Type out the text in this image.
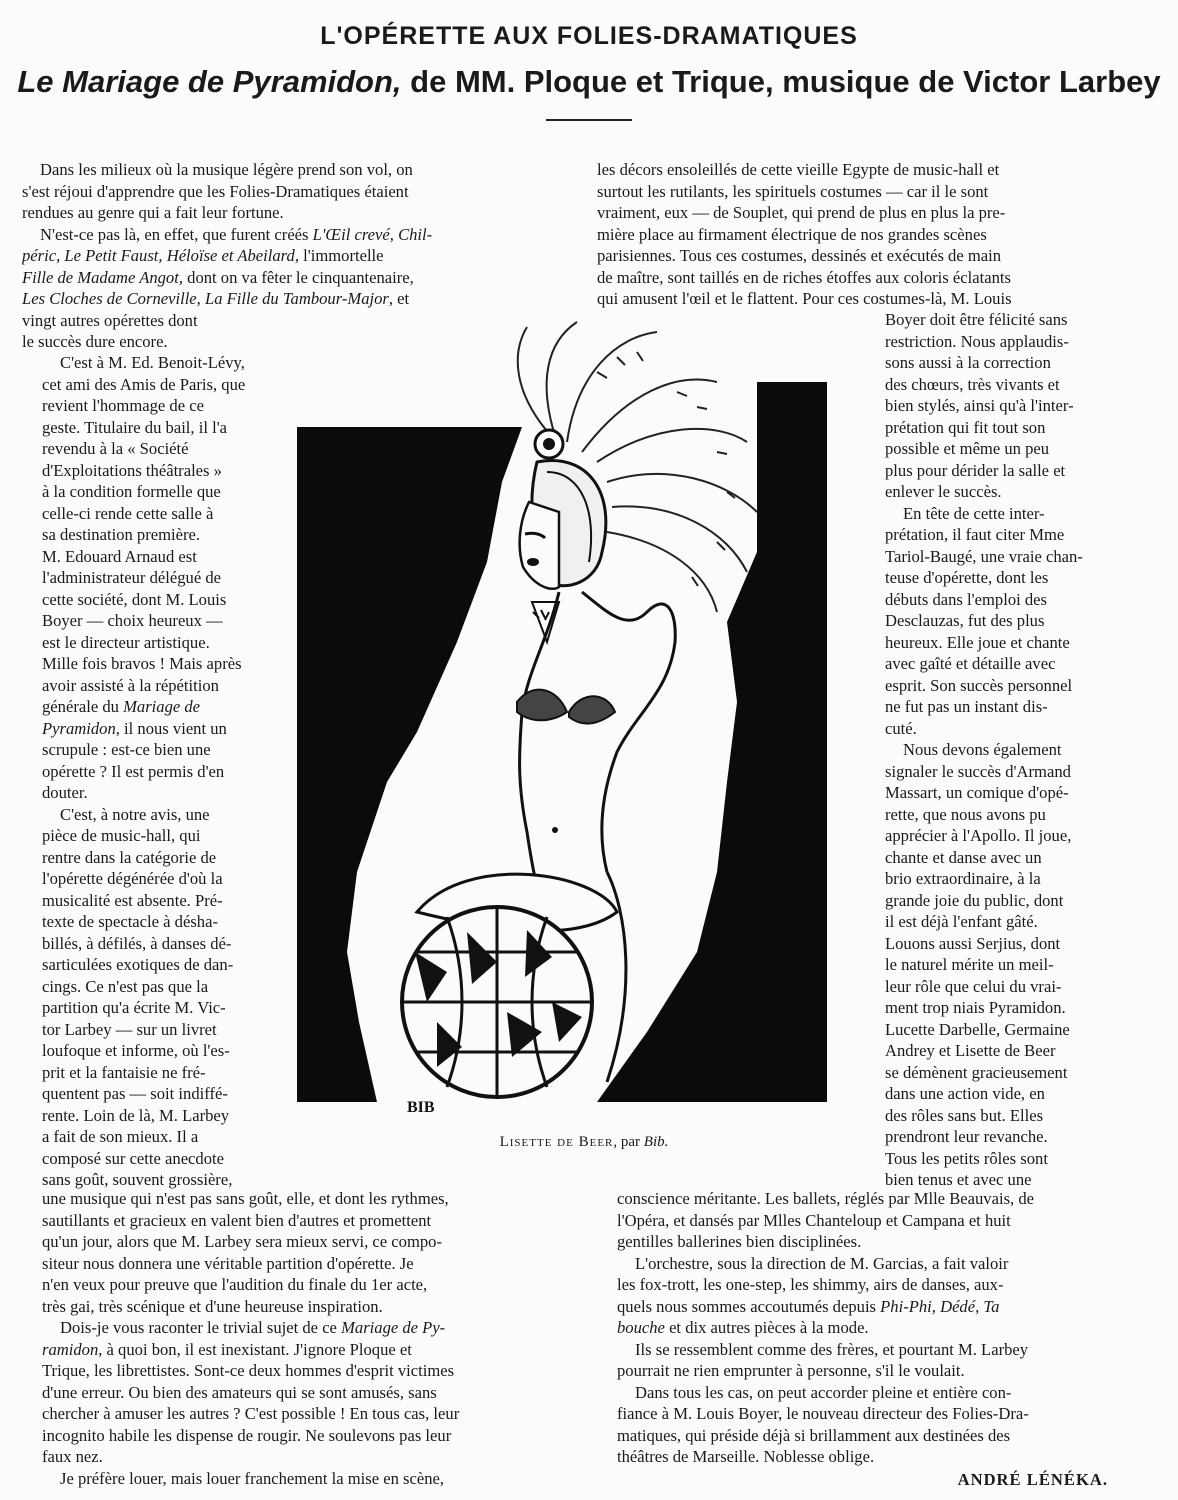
L'OPÉRETTE AUX FOLIES-DRAMATIQUES
Le Mariage de Pyramidon, de MM. Ploque et Trique, musique de Victor Larbey
Dans les milieux où la musique légère prend son vol, on
s'est réjoui d'apprendre que les Folies-Dramatiques étaient
rendues au genre qui a fait leur fortune.
N'est-ce pas là, en effet, que furent créés L'Œil crevé, Chil-
péric, Le Petit Faust, Héloïse et Abeilard, l'immortelle
Fille de Madame Angot, dont on va fêter le cinquantenaire,
Les Cloches de Corneville, La Fille du Tambour-Major, et
vingt autres opérettes dont
le succès dure encore.
C'est à M. Ed. Benoit-Lévy,
cet ami des Amis de Paris, que
revient l'hommage de ce
geste. Titulaire du bail, il l'a
revendu à la « Société
d'Exploitations théâtrales »
à la condition formelle que
celle-ci rende cette salle à
sa destination première.
M. Edouard Arnaud est
l'administrateur délégué de
cette société, dont M. Louis
Boyer — choix heureux —
est le directeur artistique.
Mille fois bravos ! Mais après
avoir assisté à la répétition
générale du Mariage de
Pyramidon, il nous vient un
scrupule : est-ce bien une
opérette ? Il est permis d'en
douter.
C'est, à notre avis, une
pièce de music-hall, qui
rentre dans la catégorie de
l'opérette dégénérée d'où la
musicalité est absente. Pré-
texte de spectacle à désha-
billés, à défilés, à danses dé-
sarticulées exotiques de dan-
cings. Ce n'est pas que la
partition qu'a écrite M. Vic-
tor Larbey — sur un livret
loufoque et informe, où l'es-
prit et la fantaisie ne fré-
quentent pas — soit indiffé-
rente. Loin de là, M. Larbey
a fait de son mieux. Il a
composé sur cette anecdote
sans goût, souvent grossière,
une musique qui n'est pas sans goût, elle, et dont les rythmes,
sautillants et gracieux en valent bien d'autres et promettent
qu'un jour, alors que M. Larbey sera mieux servi, ce compo-
siteur nous donnera une véritable partition d'opérette. Je
n'en veux pour preuve que l'audition du finale du 1er acte,
très gai, très scénique et d'une heureuse inspiration.
Dois-je vous raconter le trivial sujet de ce Mariage de Py-
ramidon, à quoi bon, il est inexistant. J'ignore Ploque et
Trique, les librettistes. Sont-ce deux hommes d'esprit victimes
d'une erreur. Ou bien des amateurs qui se sont amusés, sans
chercher à amuser les autres ? C'est possible ! En tous cas, leur
incognito habile les dispense de rougir. Ne soulevons pas leur
faux nez.
Je préfère louer, mais louer franchement la mise en scène,
les décors ensoleillés de cette vieille Egypte de music-hall et
surtout les rutilants, les spirituels costumes — car il le sont
vraiment, eux — de Souplet, qui prend de plus en plus la pre-
mière place au firmament électrique de nos grandes scènes
parisiennes. Tous ces costumes, dessinés et exécutés de main
de maître, sont taillés en de riches étoffes aux coloris éclatants
qui amusent l'œil et le flattent. Pour ces costumes-là, M. Louis
Boyer doit être félicité sans
restriction. Nous applaudis-
sons aussi à la correction
des chœurs, très vivants et
bien stylés, ainsi qu'à l'inter-
prétation qui fit tout son
possible et même un peu
plus pour dérider la salle et
enlever le succès.
En tête de cette inter-
prétation, il faut citer Mme
Tariol-Baugé, une vraie chan-
teuse d'opérette, dont les
débuts dans l'emploi des
Desclauzas, fut des plus
heureux. Elle joue et chante
avec gaîté et détaille avec
esprit. Son succès personnel
ne fut pas un instant dis-
cuté.
Nous devons également
signaler le succès d'Armand
Massart, un comique d'opé-
rette, que nous avons pu
apprécier à l'Apollo. Il joue,
chante et danse avec un
brio extraordinaire, à la
grande joie du public, dont
il est déjà l'enfant gâté.
Louons aussi Serjius, dont
le naturel mérite un meil-
leur rôle que celui du vrai-
ment trop niais Pyramidon.
Lucette Darbelle, Germaine
Andrey et Lisette de Beer
se démènent gracieusement
dans une action vide, en
des rôles sans but. Elles
prendront leur revanche.
Tous les petits rôles sont
bien tenus et avec une
conscience méritante. Les ballets, réglés par Mlle Beauvais, de
l'Opéra, et dansés par Mlles Chanteloup et Campana et huit
gentilles ballerines bien disciplinées.
L'orchestre, sous la direction de M. Garcias, a fait valoir
les fox-trott, les one-step, les shimmy, airs de danses, aux-
quels nous sommes accoutumés depuis Phi-Phi, Dédé, Ta
bouche et dix autres pièces à la mode.
Ils se ressemblent comme des frères, et pourtant M. Larbey
pourrait ne rien emprunter à personne, s'il le voulait.
Dans tous les cas, on peut accorder pleine et entière con-
fiance à M. Louis Boyer, le nouveau directeur des Folies-Dra-
matiques, qui préside déjà si brillamment aux destinées des
théâtres de Marseille. Noblesse oblige.
BIB
Lisette de Beer, par Bib.
ANDRÉ LÉNÉKA.
